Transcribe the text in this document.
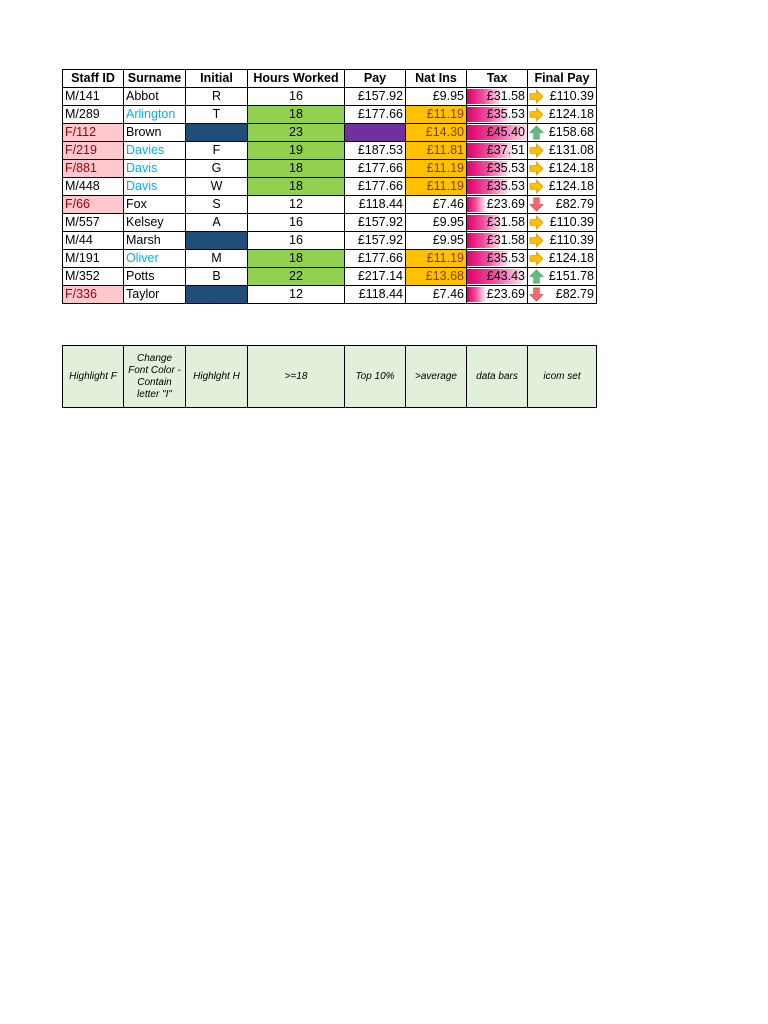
Staff ID	Surname	Initial	Hours Worked	Pay	Nat Ins	Tax	Final Pay
M/141	Abbot	R	16	£157.92	£9.95	£31.58	£110.39
M/289	Arlington	T	18	£177.66	£11.19	£35.53	£124.18
F/112	Brown	H	23	£227.01	£14.30	£45.40	£158.68
F/219	Davies	F	19	£187.53	£11.81	£37.51	£131.08
F/881	Davis	G	18	£177.66	£11.19	£35.53	£124.18
M/448	Davis	W	18	£177.66	£11.19	£35.53	£124.18
F/66	Fox	S	12	£118.44	£7.46	£23.69	£82.79
M/557	Kelsey	A	16	£157.92	£9.95	£31.58	£110.39
M/44	Marsh	H	16	£157.92	£9.95	£31.58	£110.39
M/191	Oliver	M	18	£177.66	£11.19	£35.53	£124.18
M/352	Potts	B	22	£217.14	£13.68	£43.43	£151.78
F/336	Taylor	H	12	£118.44	£7.46	£23.69	£82.79
Highlight F	Change Font Color - Contain letter "I"	Highlght H	>=18	Top 10%	>average	data bars	icom set
